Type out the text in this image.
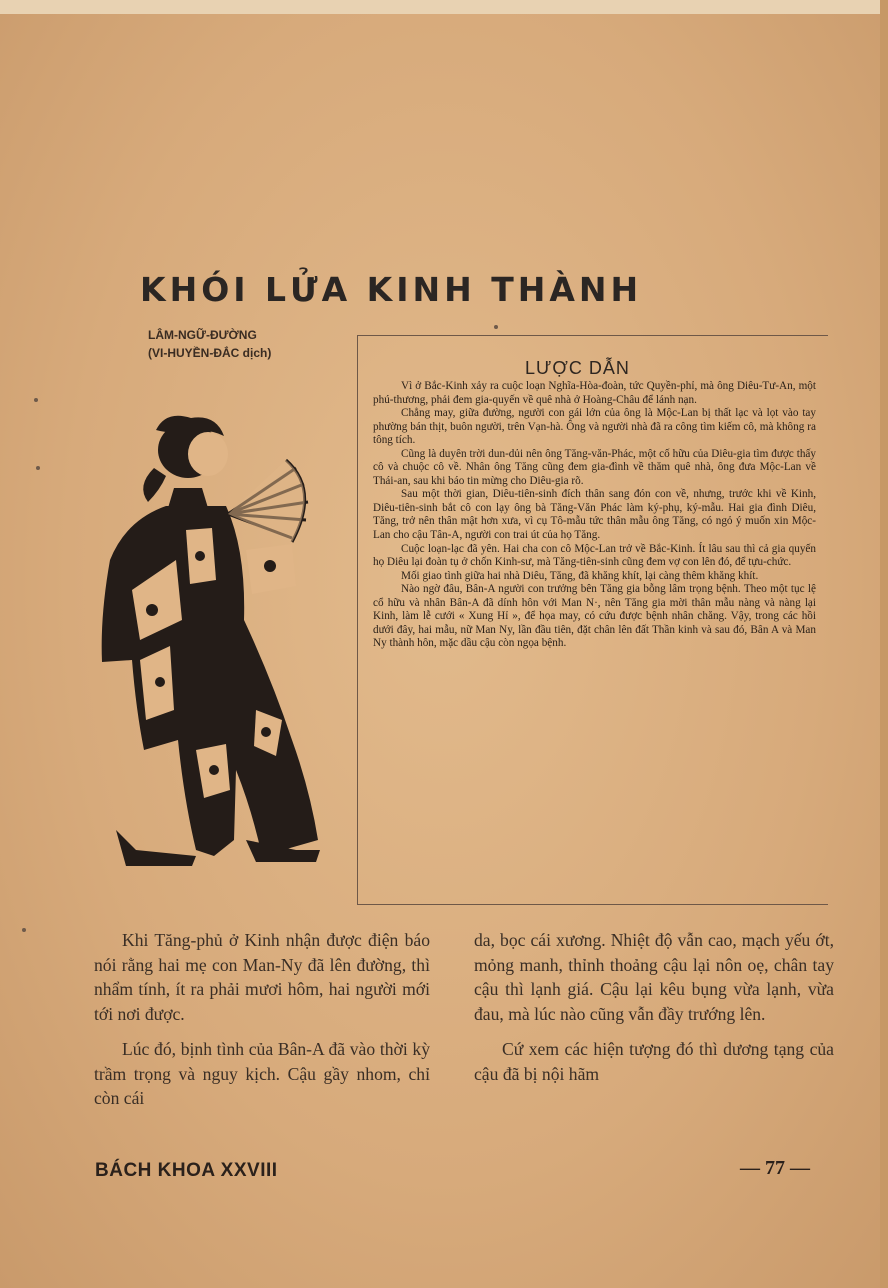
KHÓI LỬA KINH THÀNH
LÂM-NGỮ-ĐƯỜNG
(VI-HUYỀN-ĐẮC dịch)
LƯỢC DẪN

Vì ở Bắc-Kinh xảy ra cuộc loạn Nghĩa-Hòa-đoàn, tức Quyền-phỉ, mà ông Diêu-Tư-An, một phú-thương, phải đem gia-quyến về quê nhà ở Hoàng-Châu để lánh nạn.

Chẳng may, giữa đường, người con gái lớn của ông là Mộc-Lan bị thất lạc và lọt vào tay phường bán thịt, buôn người, trên Vạn-hà. Ông và người nhà đã ra công tìm kiếm cô, mà không ra tông tích.

Cũng là duyên trời dun-dủi nên ông Tăng-văn-Phác, một cố hữu của Diêu-gia tìm được thấy cô và chuộc cô về. Nhân ông Tăng cũng đem gia-đình về thăm quê nhà, ông đưa Mộc-Lan về Thái-an, sau khi báo tin mừng cho Diêu-gia rõ.

Sau một thời gian, Diêu-tiên-sinh đích thân sang đón con về, nhưng, trước khi về Kinh, Diêu-tiên-sinh bắt cô con lạy ông bà Tăng-Văn Phác làm ký-phụ, ký-mẫu. Hai gia đình Diêu, Tăng, trở nên thân mật hơn xưa, vì cụ Tô-mẫu tức thân mẫu ông Tăng, có ngỏ ý muốn xin Mộc-Lan cho cậu Tân-A, người con trai út của họ Tăng.

Cuộc loạn-lạc đã yên. Hai cha con cô Mộc-Lan trở về Bắc-Kinh. Ít lâu sau thì cả gia quyến họ Diêu lại đoàn tụ ở chốn Kinh-sư, mà Tăng-tiên-sinh cũng đem vợ con lên đó, để tựu-chức.

Mối giao tình giữa hai nhà Diêu, Tăng, đã khăng khít, lại càng thêm khăng khít.

Nào ngờ đâu, Bân-A người con trưởng bên Tăng gia bỗng lâm trọng bệnh. Theo một tục lệ cổ hữu và nhân Bân-A đã dính hôn với Man N·, nên Tăng gia mời thân mẫu nàng và nàng lại Kinh, làm lễ cưới « Xung Hỉ », để họa may, có cứu được bệnh nhân chăng. Vậy, trong các hồi dưới đây, hai mẫu, nữ Man Ny, lần đầu tiên, đặt chân lên đất Thần kinh và sau đó, Bân A và Man Ny thành hôn, mặc dầu cậu còn ngọa bệnh.

Khi Tăng-phủ ở Kinh nhận được điện báo nói rằng hai mẹ con Man-Ny đã lên đường, thì nhẩm tính, ít ra phải mươi hôm, hai người mới tới nơi được.

Lúc đó, bịnh tình của Bân-A đã vào thời kỳ trầm trọng và nguy kịch. Cậu gầy nhom, chỉ còn cái

da, bọc cái xương. Nhiệt độ vẫn cao, mạch yếu ớt, mỏng manh, thỉnh thoảng cậu lại nôn oẹ, chân tay cậu thì lạnh giá. Cậu lại kêu bụng vừa lạnh, vừa đau, mà lúc nào cũng vẫn đầy trướng lên.

Cứ xem các hiện tượng đó thì dương tạng của cậu đã bị nội hãm

BÁCH KHOA XXVIII	— 77 —
